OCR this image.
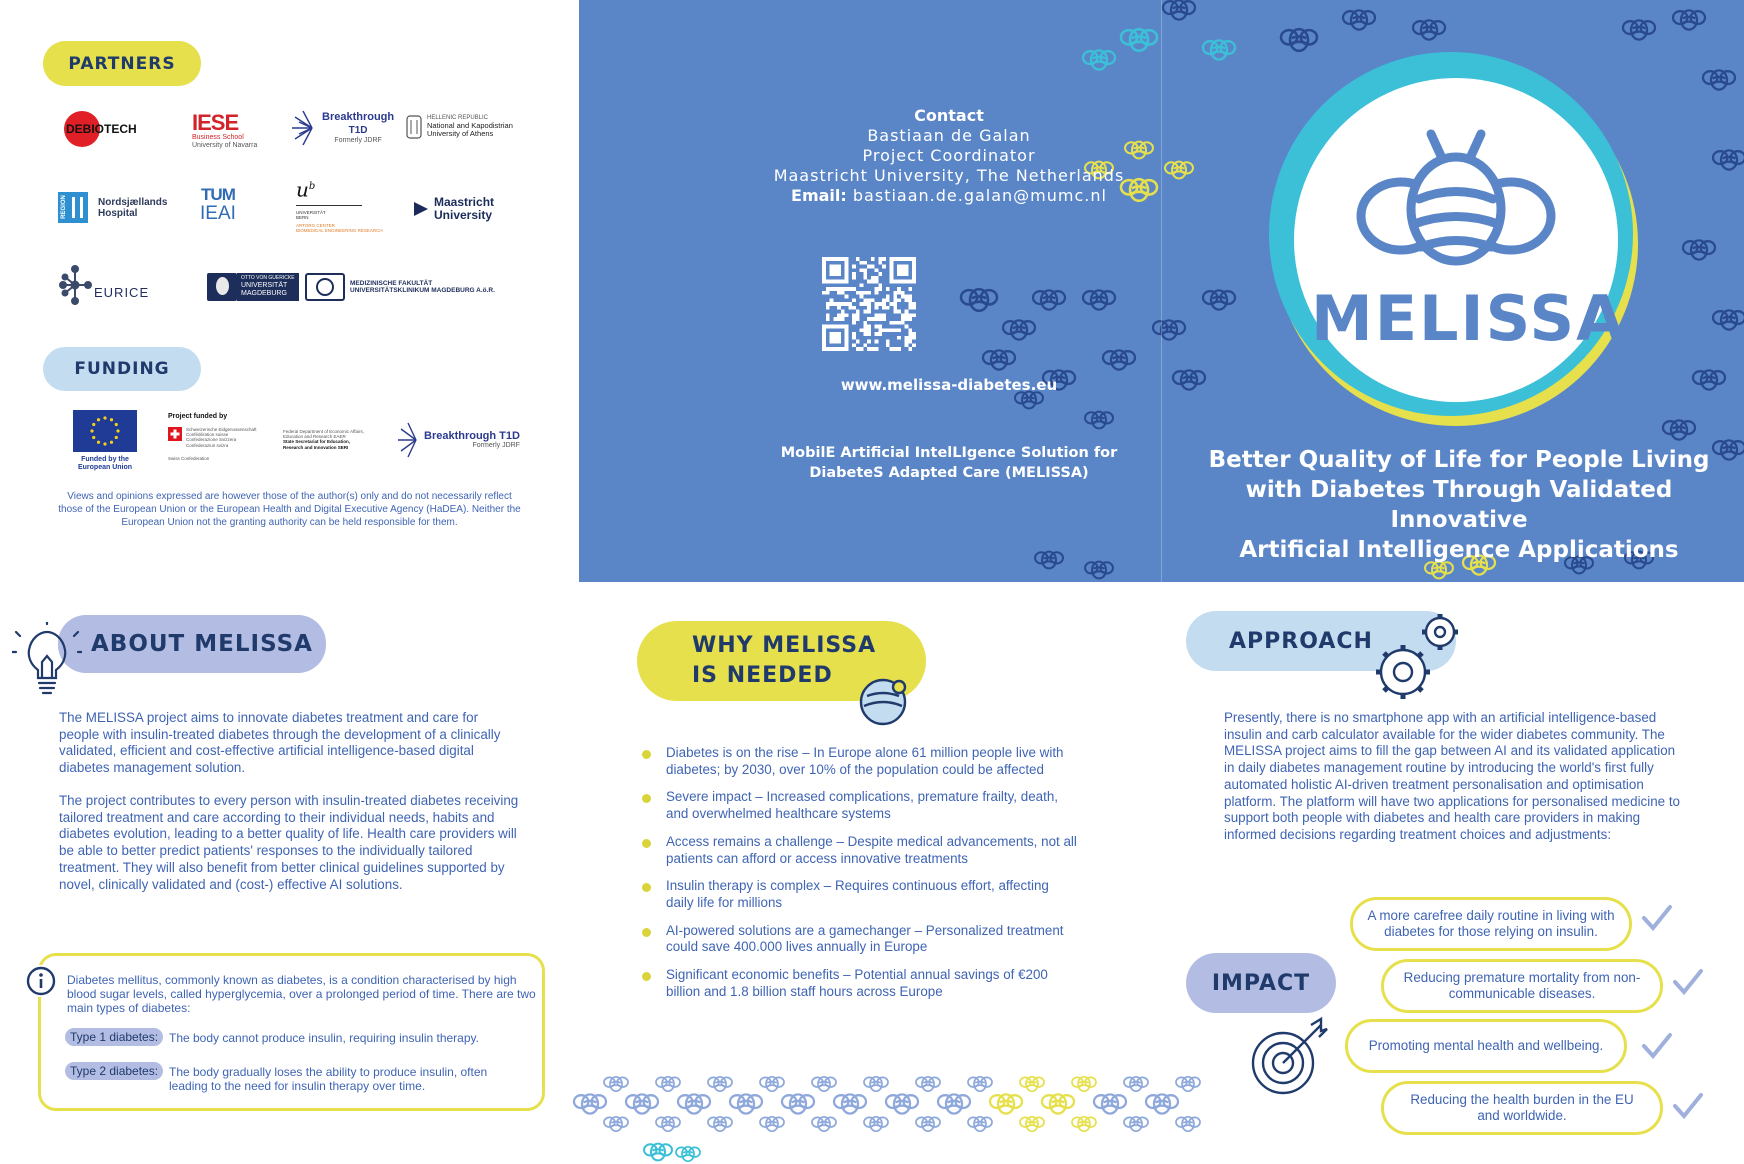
PARTNERS
DEBIOTECH	IESE
Business School
University of Navarra
Breakthrough
T1D
Formerly JDRF
HELLENIC REPUBLIC
National and Kapodistrian
University of Athens
REGION	Nordsjællands
Hospital
TUM
IEAI
$u^b$
UNIVERSITÄT BERN
ARTORG CENTER
BIOMEDICAL ENGINEERING RESEARCH
Maastricht
University
EURICE
OTTO VON GUERICKE
UNIVERSITÄT
MAGDEBURG
MEDIZINISCHE FAKULTÄT
UNIVERSITÄTSKLINIKUM MAGDEBURG A.ö.R.
FUNDING
Funded by the
European Union
Project funded by
Schweizerische Eidgenossenschaft
Confédération suisse
Confederazione Svizzera
Confederaziun svizra
Swiss Confederation
Federal Department of Economic Affairs,
Education and Research EAER
State Secretariat for Education,
Research and Innovation SERI
Breakthrough T1D
Formerly JDRF
Views and opinions expressed are however those of the author(s) only and do not necessarily reflect those of the European Union or the European Health and Digital Executive Agency (HaDEA). Neither the European Union not the granting authority can be held responsible for them.
Contact
Bastiaan de Galan
Project Coordinator
Maastricht University, The Netherlands
Email: bastiaan.de.galan@mumc.nl
www.melissa-diabetes.eu
MobilE Artificial IntelLIgence Solution for
DiabeteS Adapted Care (MELISSA)
MELISSA
Better Quality of Life for People Living
with Diabetes Through Validated Innovative
Artificial Intelligence Applications
ABOUT MELISSA
The MELISSA project aims to innovate diabetes treatment and care for people with insulin-treated diabetes through the development of a clinically validated, efficient and cost-effective artificial intelligence-based digital diabetes management solution.
The project contributes to every person with insulin-treated diabetes receiving tailored treatment and care according to their individual needs, habits and diabetes evolution, leading to a better quality of life. Health care providers will be able to better predict patients' responses to the individually tailored treatment. They will also benefit from better clinical guidelines supported by novel, clinically validated and (cost-) effective AI solutions.
Diabetes mellitus, commonly known as diabetes, is a condition characterised by high blood sugar levels, called hyperglycemia, over a prolonged period of time. There are two main types of diabetes:
Type 1 diabetes: The body cannot produce insulin, requiring insulin therapy.
Type 2 diabetes: The body gradually loses the ability to produce insulin, often leading to the need for insulin therapy over time.
WHY MELISSA
IS NEEDED
Diabetes is on the rise – In Europe alone 61 million people live with diabetes; by 2030, over 10% of the population could be affected
Severe impact – Increased complications, premature frailty, death, and overwhelmed healthcare systems
Access remains a challenge – Despite medical advancements, not all patients can afford or access innovative treatments
Insulin therapy is complex – Requires continuous effort, affecting daily life for millions
AI-powered solutions are a gamechanger – Personalized treatment could save 400.000 lives annually in Europe
Significant economic benefits – Potential annual savings of €200 billion and 1.8 billion staff hours across Europe
APPROACH
Presently, there is no smartphone app with an artificial intelligence-based insulin and carb calculator available for the wider diabetes community. The MELISSA project aims to fill the gap between AI and its validated application in daily diabetes management routine by introducing the world's first fully automated holistic AI-driven treatment personalisation and optimisation platform. The platform will have two applications for personalised medicine to support both people with diabetes and health care providers in making informed decisions regarding treatment choices and adjustments:
IMPACT
A more carefree daily routine in living with diabetes for those relying on insulin.
Reducing premature mortality from non-communicable diseases.
Promoting mental health and wellbeing.
Reducing the health burden in the EU and worldwide.
